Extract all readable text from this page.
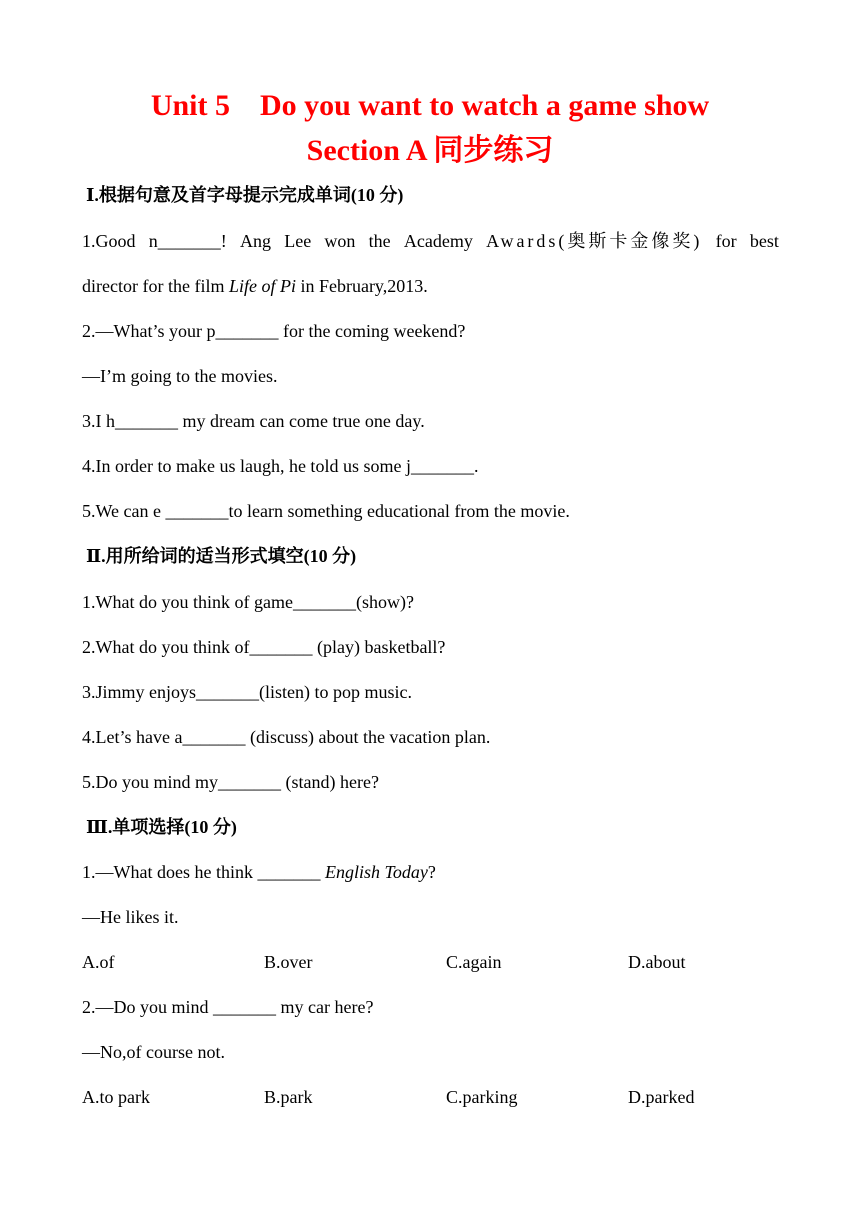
Unit 5    Do you want to watch a game show
Section A 同步练习
Ⅰ.根据句意及首字母提示完成单词(10 分)
1.Good n_______! Ang Lee won the Academy Awards(奥斯卡金像奖) for best
director for the film Life of Pi in February,2013.
2.—What’s your p_______ for the coming weekend?
—I’m going to the movies.
3.I h_______ my dream can come true one day.
4.In order to make us laugh, he told us some j_______.
5.We can e _______to learn something educational from the movie.
Ⅱ.用所给词的适当形式填空(10 分)
1.What do you think of game_______(show)?
2.What do you think of_______ (play) basketball?
3.Jimmy enjoys_______(listen) to pop music.
4.Let’s have a_______ (discuss) about the vacation plan.
5.Do you mind my_______ (stand) here?
Ⅲ.单项选择(10 分)
1.—What does he think _______ English Today?
—He likes it.
A.of	B.over	C.again	D.about
2.—Do you mind _______ my car here?
—No,of course not.
A.to park	B.park	C.parking	D.parked
